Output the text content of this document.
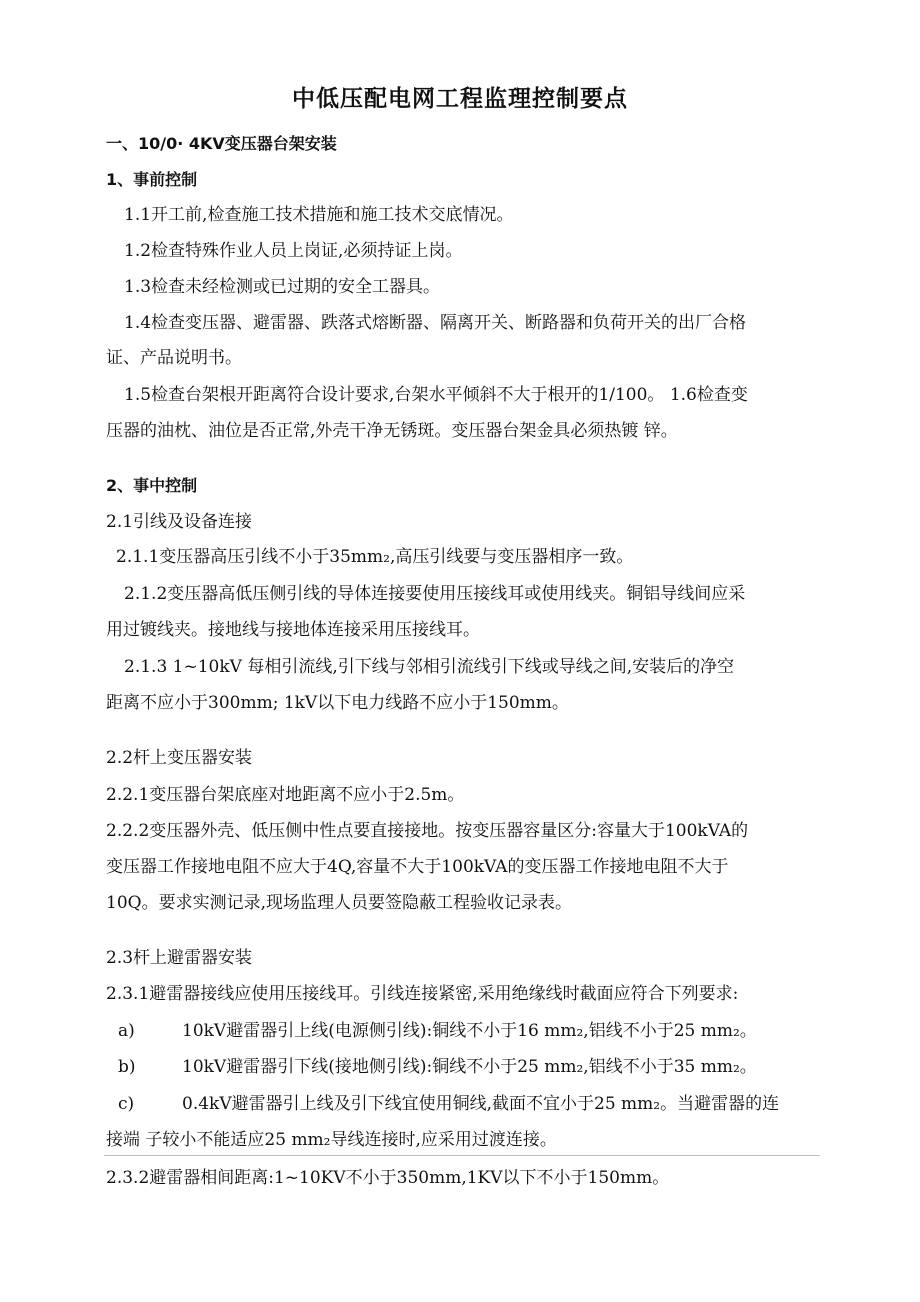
中低压配电网工程监理控制要点
一、10/0· 4KV变压器台架安装
1、事前控制
1.1开工前,检查施工技术措施和施工技术交底情况。
1.2检查特殊作业人员上岗证,必须持证上岗。
1.3检查未经检测或已过期的安全工器具。
1.4检查变压器、避雷器、跌落式熔断器、隔离开关、断路器和负荷开关的出厂合格
证、产品说明书。
1.5检查台架根开距离符合设计要求,台架水平倾斜不大于根开的1/100。 1.6检查变
压器的油枕、油位是否正常,外壳干净无锈斑。变压器台架金具必须热镀 锌。
2、事中控制
2.1引线及设备连接
2.1.1变压器高压引线不小于35mm₂,高压引线要与变压器相序一致。
2.1.2变压器高低压侧引线的导体连接要使用压接线耳或使用线夹。铜铝导线间应采
用过镀线夹。接地线与接地体连接采用压接线耳。
2.1.3 1~10kV 每相引流线,引下线与邻相引流线引下线或导线之间,安装后的净空
距离不应小于300mm; 1kV以下电力线路不应小于150mm。
2.2杆上变压器安装
2.2.1变压器台架底座对地距离不应小于2.5m。
2.2.2变压器外壳、低压侧中性点要直接接地。按变压器容量区分:容量大于100kVA的
变压器工作接地电阻不应大于4Q,容量不大于100kVA的变压器工作接地电阻不大于
10Q。要求实测记录,现场监理人员要签隐蔽工程验收记录表。
2.3杆上避雷器安装
2.3.1避雷器接线应使用压接线耳。引线连接紧密,采用绝缘线时截面应符合下列要求:
a)	10kV避雷器引上线(电源侧引线):铜线不小于16 mm₂,铝线不小于25 mm₂。
b)	10kV避雷器引下线(接地侧引线):铜线不小于25 mm₂,铝线不小于35 mm₂。
c)	0.4kV避雷器引上线及引下线宜使用铜线,截面不宜小于25 mm₂。当避雷器的连
接端 子较小不能适应25 mm₂导线连接时,应采用过渡连接。
2.3.2避雷器相间距离:1~10KV不小于350mm,1KV以下不小于150mm。
